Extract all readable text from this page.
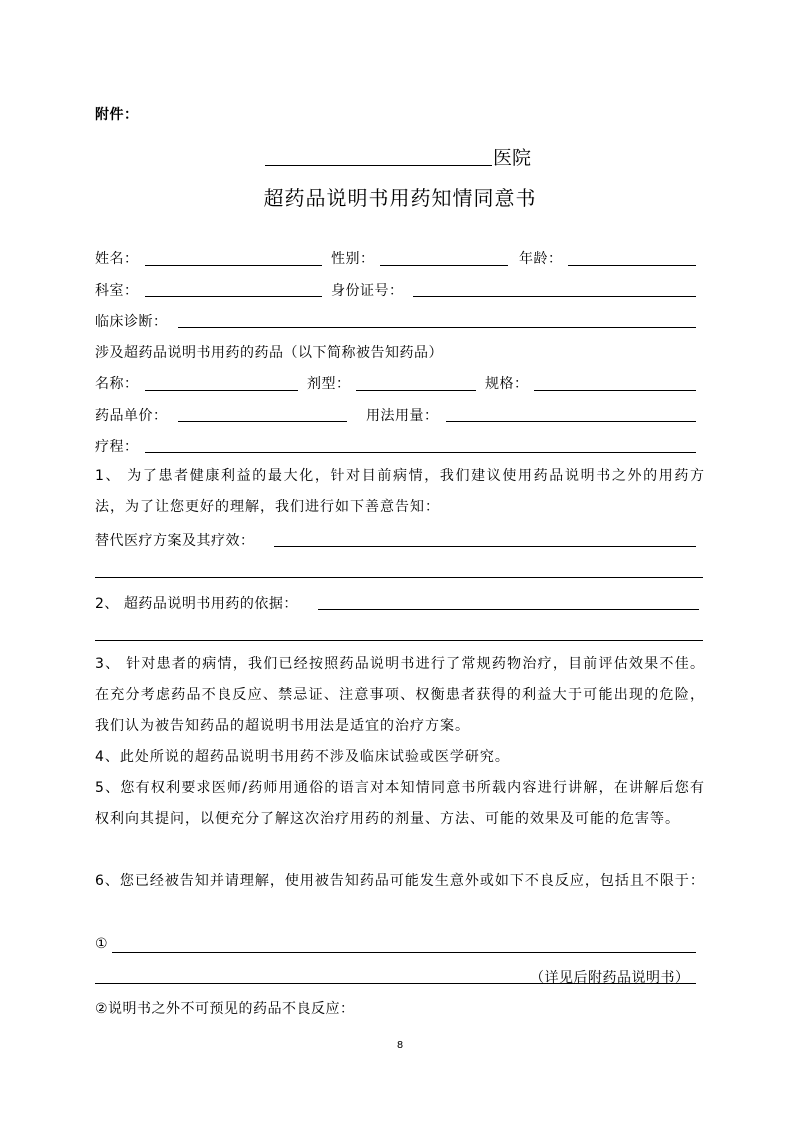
附件：
医院
超药品说明书用药知情同意书
姓名：	性别：	年龄：
科室：	身份证号：
临床诊断：
涉及超药品说明书用药的药品（以下简称被告知药品）
名称：	剂型：	规格：
药品单价：	用法用量：
疗程：
1、 为了患者健康利益的最大化，针对目前病情，我们建议使用药品说明书之外的用药方法，为了让您更好的理解，我们进行如下善意告知：
替代医疗方案及其疗效：
2、 超药品说明书用药的依据：
3、 针对患者的病情，我们已经按照药品说明书进行了常规药物治疗，目前评估效果不佳。在充分考虑药品不良反应、禁忌证、注意事项、权衡患者获得的利益大于可能出现的危险，我们认为被告知药品的超说明书用法是适宜的治疗方案。
4、此处所说的超药品说明书用药不涉及临床试验或医学研究。
5、您有权利要求医师/药师用通俗的语言对本知情同意书所载内容进行讲解，在讲解后您有权利向其提问，以便充分了解这次治疗用药的剂量、方法、可能的效果及可能的危害等。
6、您已经被告知并请理解，使用被告知药品可能发生意外或如下不良反应，包括且不限于：
①
（详见后附药品说明书）
②说明书之外不可预见的药品不良反应：
8
